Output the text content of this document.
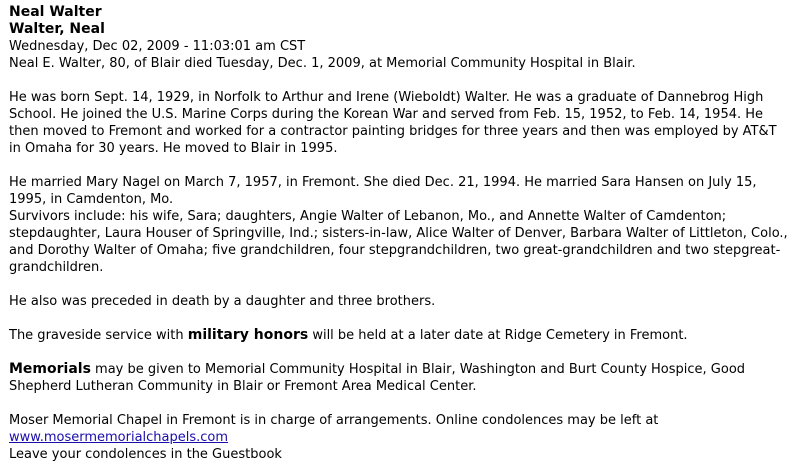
Neal Walter
Walter, Neal
Wednesday, Dec 02, 2009 - 11:03:01 am CST

Neal E. Walter, 80, of Blair died Tuesday, Dec. 1, 2009, at Memorial Community Hospital in Blair.

He was born Sept. 14, 1929, in Norfolk to Arthur and Irene (Wieboldt) Walter. He was a graduate of Dannebrog High School. He joined the U.S. Marine Corps during the Korean War and served from Feb. 15, 1952, to Feb. 14, 1954. He then moved to Fremont and worked for a contractor painting bridges for three years and then was employed by AT&T in Omaha for 30 years. He moved to Blair in 1995.

He married Mary Nagel on March 7, 1957, in Fremont. She died Dec. 21, 1994. He married Sara Hansen on July 15, 1995, in Camdenton, Mo.

Survivors include: his wife, Sara; daughters, Angie Walter of Lebanon, Mo., and Annette Walter of Camdenton; stepdaughter, Laura Houser of Springville, Ind.; sisters-in-law, Alice Walter of Denver, Barbara Walter of Littleton, Colo., and Dorothy Walter of Omaha; five grandchildren, four stepgrandchildren, two great-grandchildren and two stepgreat-grandchildren.

He also was preceded in death by a daughter and three brothers.

The graveside service with military honors will be held at a later date at Ridge Cemetery in Fremont.

Memorials may be given to Memorial Community Hospital in Blair, Washington and Burt County Hospice, Good Shepherd Lutheran Community in Blair or Fremont Area Medical Center.

Moser Memorial Chapel in Fremont is in charge of arrangements. Online condolences may be left at

www.mosermemorialchapels.com
Leave your condolences in the Guestbook
